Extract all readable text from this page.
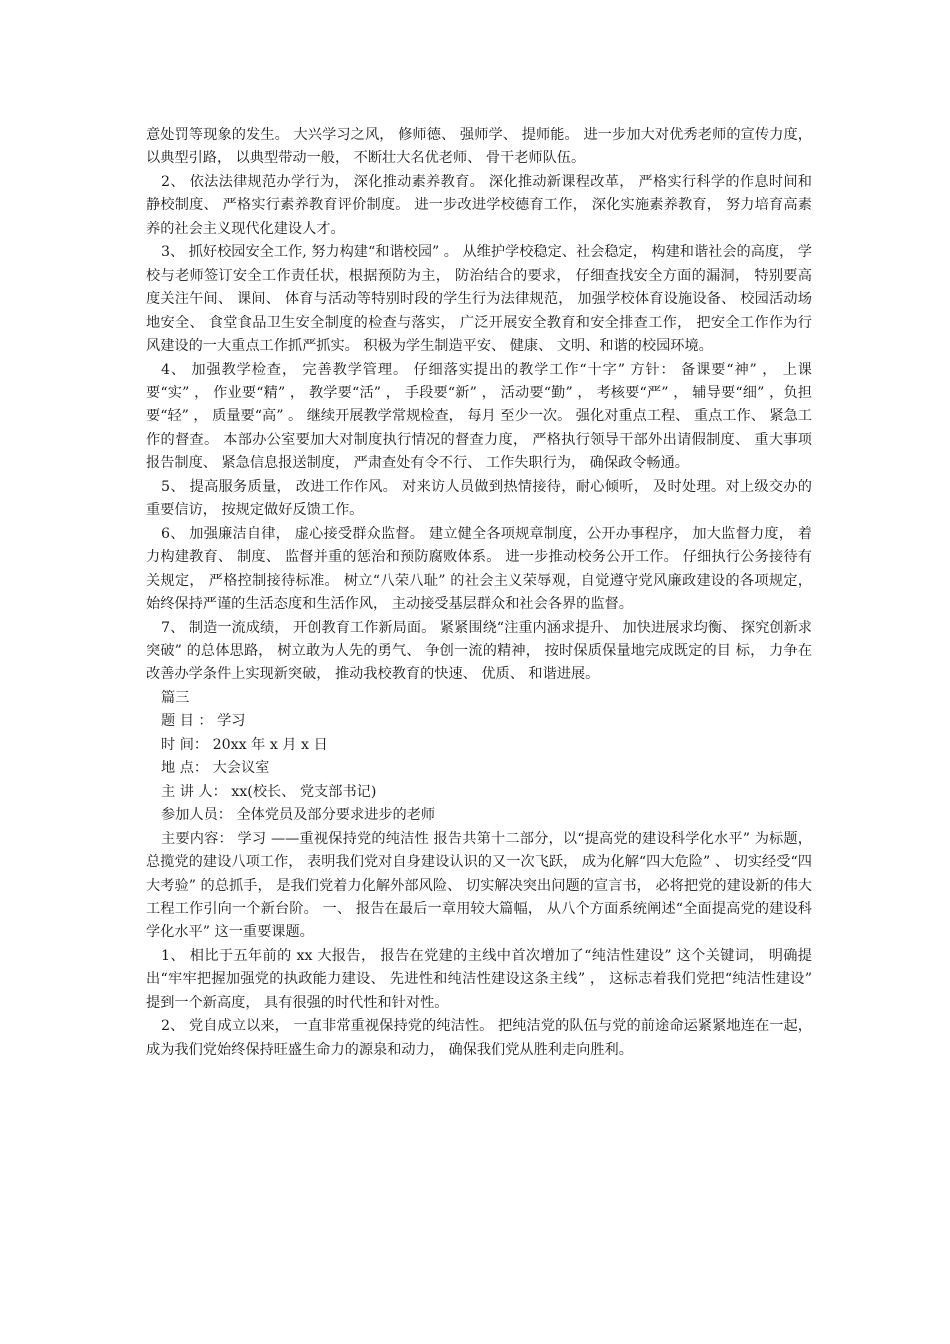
意处罚等现象的发生。 大兴学习之风， 修师德、 强师学、 提师能。 进一步加大对优秀老师的宣传力度， 以典型引路， 以典型带动一般， 不断壮大名优老师、 骨干老师队伍。

2、 依法法律规范办学行为， 深化推动素养教育。 深化推动新课程改革， 严格实行科学的作息时间和静校制度、 严格实行素养教育评价制度。 进一步改进学校德育工作， 深化实施素养教育， 努力培育高素养的社会主义现代化建设人才。

3、 抓好校园安全工作, 努力构建“和谐校园” 。 从维护学校稳定、社会稳定， 构建和谐社会的高度， 学校与老师签订安全工作责任状，根据预防为主， 防治结合的要求， 仔细查找安全方面的漏洞， 特别要高度关注午间、 课间、 体育与活动等特别时段的学生行为法律规范， 加强学校体育设施设备、 校园活动场地安全、 食堂食品卫生安全制度的检查与落实， 广泛开展安全教育和安全排查工作， 把安全工作作为行风建设的一大重点工作抓严抓实。 积极为学生制造平安、 健康、 文明、和谐的校园环境。

4、 加强教学检查， 完善教学管理。 仔细落实提出的教学工作“十字” 方针： 备课要“神” ， 上课要“实” ， 作业要“精” ， 教学要“活” ， 手段要“新” ， 活动要“勤” ， 考核要“严” ， 辅导要“细” ，负担要“轻” ， 质量要“高” 。 继续开展教学常规检查， 每月 至少一次。 强化对重点工程、 重点工作、 紧急工作的督查。 本部办公室要加大对制度执行情况的督查力度， 严格执行领导干部外出请假制度、 重大事项报告制度、 紧急信息报送制度， 严肃查处有令不行、 工作失职行为， 确保政令畅通。

5、 提高服务质量， 改进工作作风。 对来访人员做到热情接待，耐心倾听， 及时处理。对上级交办的重要信访， 按规定做好反馈工作。

6、 加强廉洁自律， 虚心接受群众监督。 建立健全各项规章制度，公开办事程序， 加大监督力度， 着力构建教育、 制度、 监督并重的惩治和预防腐败体系。 进一步推动校务公开工作。 仔细执行公务接待有关规定， 严格控制接待标准。 树立“八荣八耻” 的社会主义荣辱观，自觉遵守党风廉政建设的各项规定， 始终保持严谨的生活态度和生活作风， 主动接受基层群众和社会各界的监督。

7、 制造一流成绩， 开创教育工作新局面。 紧紧围绕“注重内涵求提升、 加快进展求均衡、 探究创新求突破” 的总体思路， 树立敢为人先的勇气、 争创一流的精神， 按时保质保量地完成既定的目 标， 力争在改善办学条件上实现新突破， 推动我校教育的快速、 优质、 和谐进展。

篇三

题 目 ： 学习

时 间： 20xx 年 x 月 x 日

地 点： 大会议室

主 讲 人： xx(校长、 党支部书记)

参加人员： 全体党员及部分要求进步的老师

主要内容： 学习 ——重视保持党的纯洁性 报告共第十二部分，以“提高党的建设科学化水平” 为标题， 总揽党的建设八项工作， 表明我们党对自身建设认识的又一次飞跃， 成为化解“四大危险” 、 切实经受“四大考验” 的总抓手， 是我们党着力化解外部风险、 切实解决突出问题的宣言书， 必将把党的建设新的伟大工程工作引向一个新台阶。 一、 报告在最后一章用较大篇幅， 从八个方面系统阐述“全面提高党的建设科学化水平” 这一重要课题。

1、 相比于五年前的 xx 大报告， 报告在党建的主线中首次增加了“纯洁性建设” 这个关键词， 明确提出“牢牢把握加强党的执政能力建设、 先进性和纯洁性建设这条主线” ， 这标志着我们党把“纯洁性建设” 提到一个新高度， 具有很强的时代性和针对性。

2、 党自成立以来， 一直非常重视保持党的纯洁性。 把纯洁党的队伍与党的前途命运紧紧地连在一起， 成为我们党始终保持旺盛生命力的源泉和动力， 确保我们党从胜利走向胜利。
